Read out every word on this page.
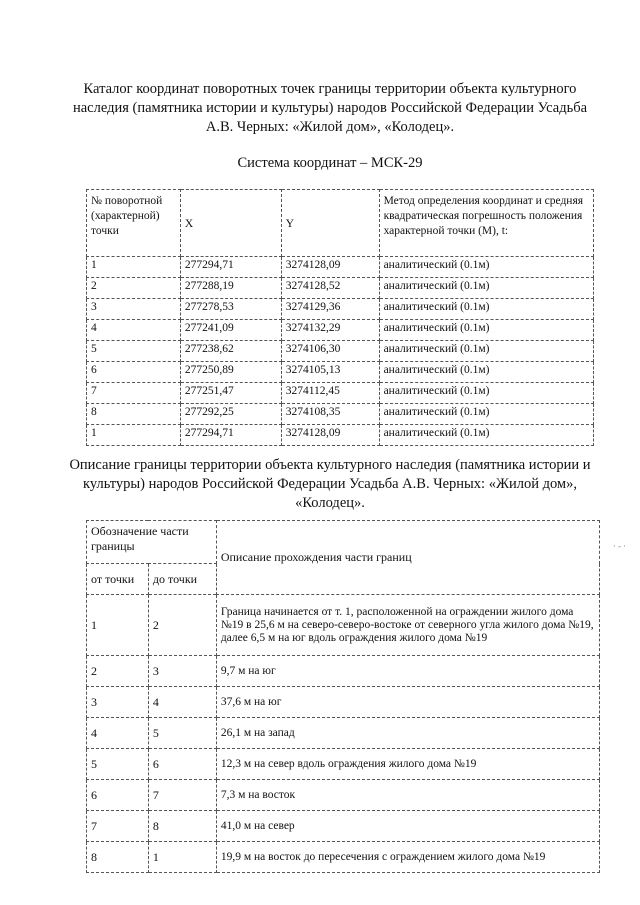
Каталог координат поворотных точек границы территории объекта культурного наследия (памятника истории и культуры) народов Российской Федерации Усадьба А.В. Черных: «Жилой дом», «Колодец».
Система координат – МСК-29
№ поворотной (характерной) точки	X	Y	Метод определения координат и средняя квадратическая погрешность положения характерной точки (М), t:
1	277294,71	3274128,09	аналитический (0.1м)
2	277288,19	3274128,52	аналитический (0.1м)
3	277278,53	3274129,36	аналитический (0.1м)
4	277241,09	3274132,29	аналитический (0.1м)
5	277238,62	3274106,30	аналитический (0.1м)
6	277250,89	3274105,13	аналитический (0.1м)
7	277251,47	3274112,45	аналитический (0.1м)
8	277292,25	3274108,35	аналитический (0.1м)
1	277294,71	3274128,09	аналитический (0.1м)
Описание границы территории объекта культурного наследия (памятника истории и культуры) народов Российской Федерации Усадьба А.В. Черных: «Жилой дом», «Колодец».
Обозначение части границы		Описание прохождения части границ
от точки	до точки	
1	2	Граница начинается от т. 1, расположенной на ограждении жилого дома №19 в 25,6 м на северо-северо-востоке от северного угла жилого дома №19, далее 6,5 м на юг вдоль ограждения жилого дома №19
2	3	9,7 м на юг
3	4	37,6 м на юг
4	5	26,1 м на запад
5	6	12,3 м на север вдоль ограждения жилого дома №19
6	7	7,3 м на восток
7	8	41,0 м на север
8	1	19,9 м на восток до пересечения с ограждением жилого дома №19
·-·
